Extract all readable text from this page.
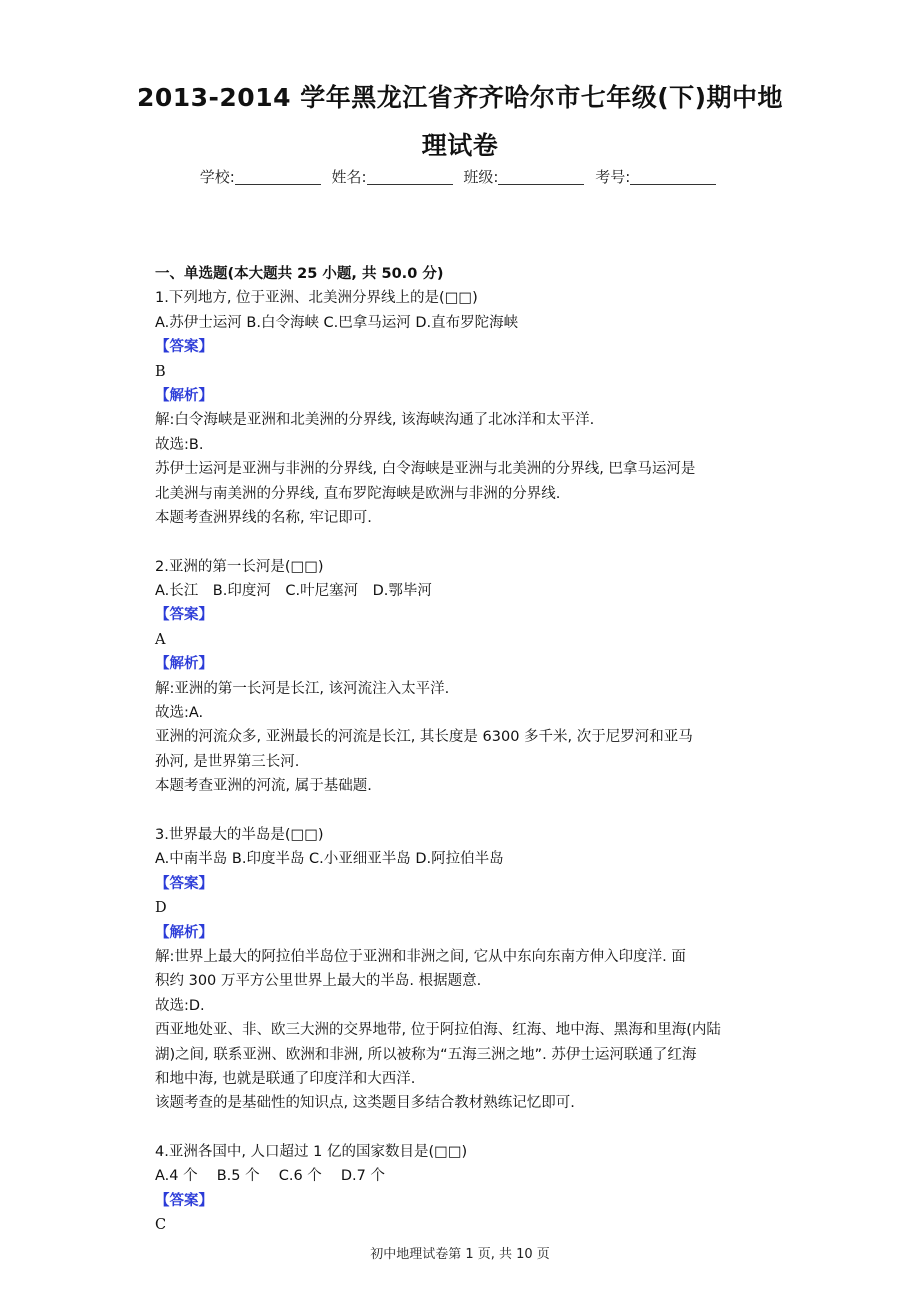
2013-2014 学年黑龙江省齐齐哈尔市七年级(下)期中地
理试卷
学校:	姓名:	班级:	考号:
一、单选题(本大题共 25 小题, 共 50.0 分)
1.下列地方, 位于亚洲、北美洲分界线上的是(□□)
A.苏伊士运河 B.白令海峡 C.巴拿马运河 D.直布罗陀海峡
【答案】
B
【解析】
解:白令海峡是亚洲和北美洲的分界线, 该海峡沟通了北冰洋和太平洋.
故选:B.
苏伊士运河是亚洲与非洲的分界线, 白令海峡是亚洲与北美洲的分界线, 巴拿马运河是
北美洲与南美洲的分界线, 直布罗陀海峡是欧洲与非洲的分界线.
本题考查洲界线的名称, 牢记即可.
2.亚洲的第一长河是(□□)
A.长江　B.印度河　C.叶尼塞河　D.鄂毕河
【答案】
A
【解析】
解:亚洲的第一长河是长江, 该河流注入太平洋.
故选:A.
亚洲的河流众多, 亚洲最长的河流是长江, 其长度是 6300 多千米, 次于尼罗河和亚马
孙河, 是世界第三长河.
本题考查亚洲的河流, 属于基础题.
3.世界最大的半岛是(□□)
A.中南半岛 B.印度半岛 C.小亚细亚半岛 D.阿拉伯半岛
【答案】
D
【解析】
解:世界上最大的阿拉伯半岛位于亚洲和非洲之间, 它从中东向东南方伸入印度洋. 面
积约 300 万平方公里世界上最大的半岛. 根据题意.
故选:D.
西亚地处亚、非、欧三大洲的交界地带, 位于阿拉伯海、红海、地中海、黑海和里海(内陆
湖)之间, 联系亚洲、欧洲和非洲, 所以被称为“五海三洲之地”. 苏伊士运河联通了红海
和地中海, 也就是联通了印度洋和大西洋.
该题考查的是基础性的知识点, 这类题目多结合教材熟练记忆即可.
4.亚洲各国中, 人口超过 1 亿的国家数目是(□□)
A.4 个　 B.5 个　 C.6 个　 D.7 个
【答案】
C
初中地理试卷第 1 页, 共 10 页
